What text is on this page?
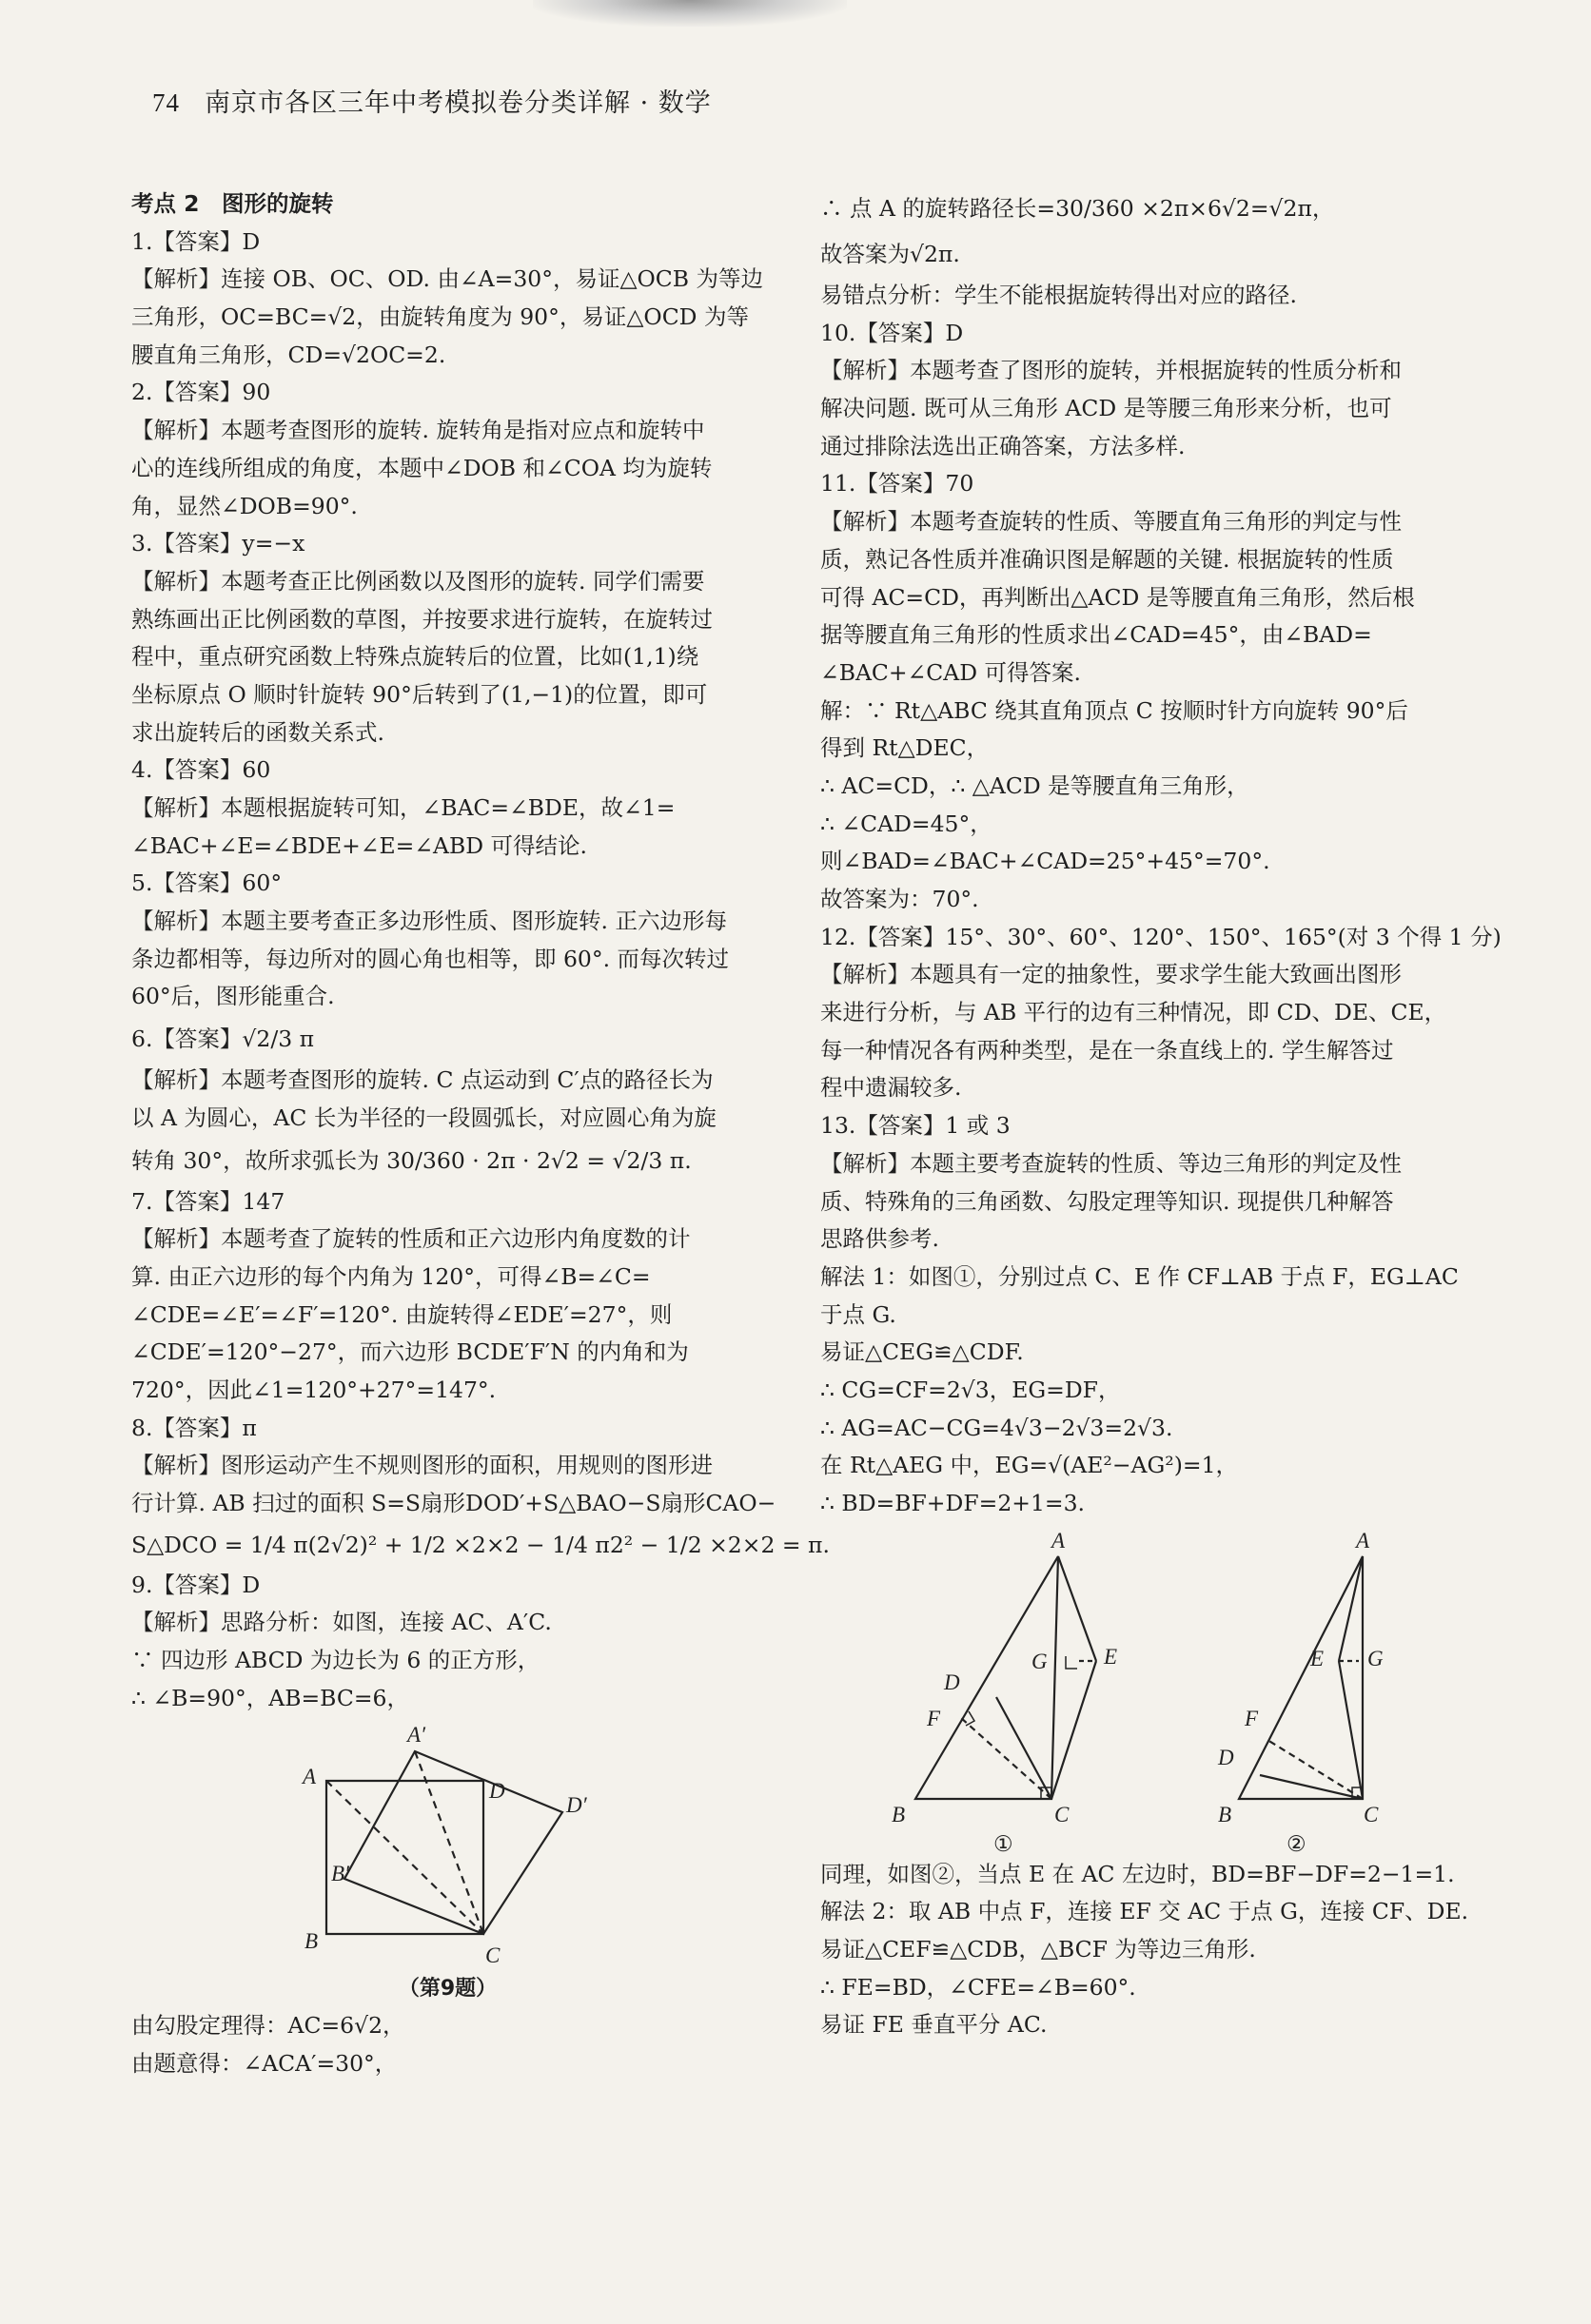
74 南京市各区三年中考模拟卷分类详解 · 数学
考点 2　图形的旋转
1.【答案】D
【解析】连接 OB、OC、OD. 由∠A=30°，易证△OCB 为等边
三角形，OC=BC=√2，由旋转角度为 90°，易证△OCD 为等
腰直角三角形，CD=√2OC=2.
2.【答案】90
【解析】本题考查图形的旋转. 旋转角是指对应点和旋转中
心的连线所组成的角度，本题中∠DOB 和∠COA 均为旋转
角，显然∠DOB=90°.
3.【答案】y=−x
【解析】本题考查正比例函数以及图形的旋转. 同学们需要
熟练画出正比例函数的草图，并按要求进行旋转，在旋转过
程中，重点研究函数上特殊点旋转后的位置，比如(1,1)绕
坐标原点 O 顺时针旋转 90°后转到了(1,−1)的位置，即可
求出旋转后的函数关系式.
4.【答案】60
【解析】本题根据旋转可知，∠BAC=∠BDE，故∠1=
∠BAC+∠E=∠BDE+∠E=∠ABD 可得结论.
5.【答案】60°
【解析】本题主要考查正多边形性质、图形旋转. 正六边形每
条边都相等，每边所对的圆心角也相等，即 60°. 而每次转过
60°后，图形能重合.
6.【答案】√2/3 π
【解析】本题考查图形的旋转. C 点运动到 C′点的路径长为
以 A 为圆心，AC 长为半径的一段圆弧长，对应圆心角为旋
转角 30°，故所求弧长为 30/360 · 2π · 2√2 = √2/3 π.
7.【答案】147
【解析】本题考查了旋转的性质和正六边形内角度数的计
算. 由正六边形的每个内角为 120°，可得∠B=∠C=
∠CDE=∠E′=∠F′=120°. 由旋转得∠EDE′=27°，则
∠CDE′=120°−27°，而六边形 BCDE′F′N 的内角和为
720°，因此∠1=120°+27°=147°.
8.【答案】π
【解析】图形运动产生不规则图形的面积，用规则的图形进
行计算. AB 扫过的面积 S=S扇形DOD′+S△BAO−S扇形CAO−
S△DCO = 1/4 π(2√2)² + 1/2 ×2×2 − 1/4 π2² − 1/2 ×2×2 = π.
9.【答案】D
【解析】思路分析：如图，连接 AC、A′C.
∵ 四边形 ABCD 为边长为 6 的正方形，
∴ ∠B=90°，AB=BC=6，
A
B
C
D
A′
B′
D′
（第9题）
由勾股定理得：AC=6√2，
由题意得：∠ACA′=30°，
∴ 点 A 的旋转路径长=30/360 ×2π×6√2=√2π，
故答案为√2π.
易错点分析：学生不能根据旋转得出对应的路径.
10.【答案】D
【解析】本题考查了图形的旋转，并根据旋转的性质分析和
解决问题. 既可从三角形 ACD 是等腰三角形来分析，也可
通过排除法选出正确答案，方法多样.
11.【答案】70
【解析】本题考查旋转的性质、等腰直角三角形的判定与性
质，熟记各性质并准确识图是解题的关键. 根据旋转的性质
可得 AC=CD，再判断出△ACD 是等腰直角三角形，然后根
据等腰直角三角形的性质求出∠CAD=45°，由∠BAD=
∠BAC+∠CAD 可得答案.
解：∵ Rt△ABC 绕其直角顶点 C 按顺时针方向旋转 90°后
得到 Rt△DEC，
∴ AC=CD，∴ △ACD 是等腰直角三角形，
∴ ∠CAD=45°，
则∠BAD=∠BAC+∠CAD=25°+45°=70°.
故答案为：70°.
12.【答案】15°、30°、60°、120°、150°、165°(对 3 个得 1 分)
【解析】本题具有一定的抽象性，要求学生能大致画出图形
来进行分析，与 AB 平行的边有三种情况，即 CD、DE、CE，
每一种情况各有两种类型，是在一条直线上的. 学生解答过
程中遗漏较多.
13.【答案】1 或 3
【解析】本题主要考查旋转的性质、等边三角形的判定及性
质、特殊角的三角函数、勾股定理等知识. 现提供几种解答
思路供参考.
解法 1：如图①，分别过点 C、E 作 CF⊥AB 于点 F，EG⊥AC
于点 G.
易证△CEG≌△CDF.
∴ CG=CF=2√3，EG=DF，
∴ AG=AC−CG=4√3−2√3=2√3.
在 Rt△AEG 中，EG=√(AE²−AG²)=1，
∴ BD=BF+DF=2+1=3.
A
B	C
D
E
F
G
A
B	C
D
E
F
G
①	②
同理，如图②，当点 E 在 AC 左边时，BD=BF−DF=2−1=1.
解法 2：取 AB 中点 F，连接 EF 交 AC 于点 G，连接 CF、DE.
易证△CEF≌△CDB，△BCF 为等边三角形.
∴ FE=BD，∠CFE=∠B=60°.
易证 FE 垂直平分 AC.
